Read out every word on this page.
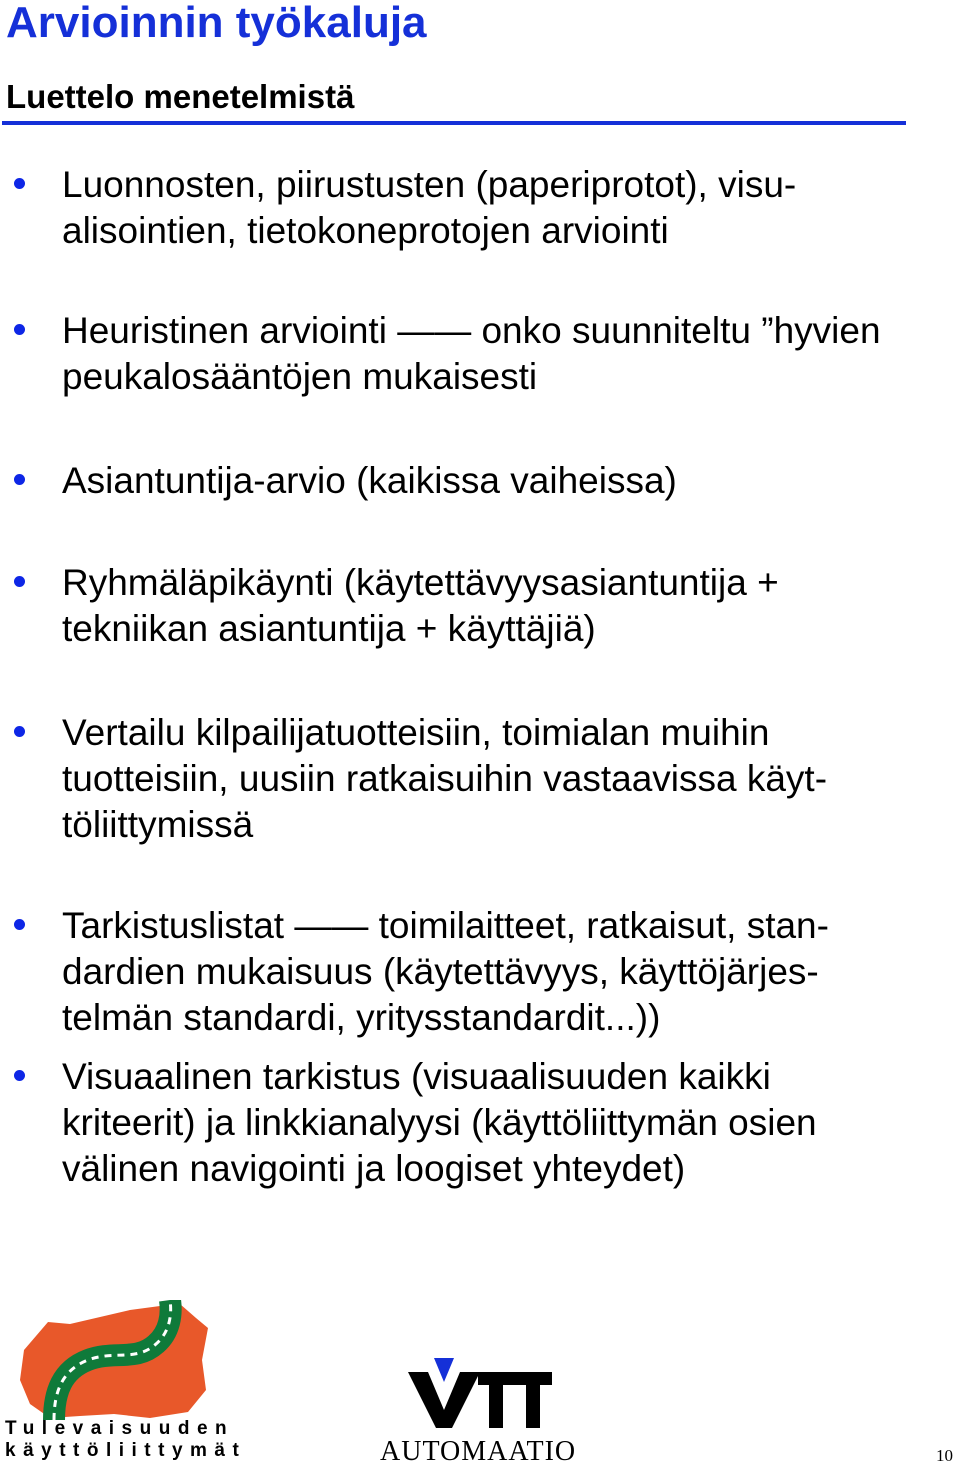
Arvioinnin työkaluja
Luettelo menetelmistä
Luonnosten, piirustusten (paperiprotot), visu-
alisointien, tietokoneprotojen arviointi
Heuristinen arviointi —— onko suunniteltu ”hyvien
peukalosääntöjen mukaisesti
Asiantuntija-arvio (kaikissa vaiheissa)
Ryhmäläpikäynti (käytettävyysasiantuntija +
tekniikan asiantuntija + käyttäjiä)
Vertailu kilpailijatuotteisiin, toimialan muihin
tuotteisiin, uusiin ratkaisuihin vastaavissa käyt-
töliittymissä
Tarkistuslistat —— toimilaitteet, ratkaisut, stan-
dardien mukaisuus (käytettävyys, käyttöjärjes-
telmän standardi, yritysstandardit...))
Visuaalinen tarkistus (visuaalisuuden kaikki
kriteerit) ja linkkianalyysi (käyttöliittymän osien
välinen navigointi ja loogiset yhteydet)
Tulevaisuuden
käyttöliittymät	AUTOMAATIO	10
